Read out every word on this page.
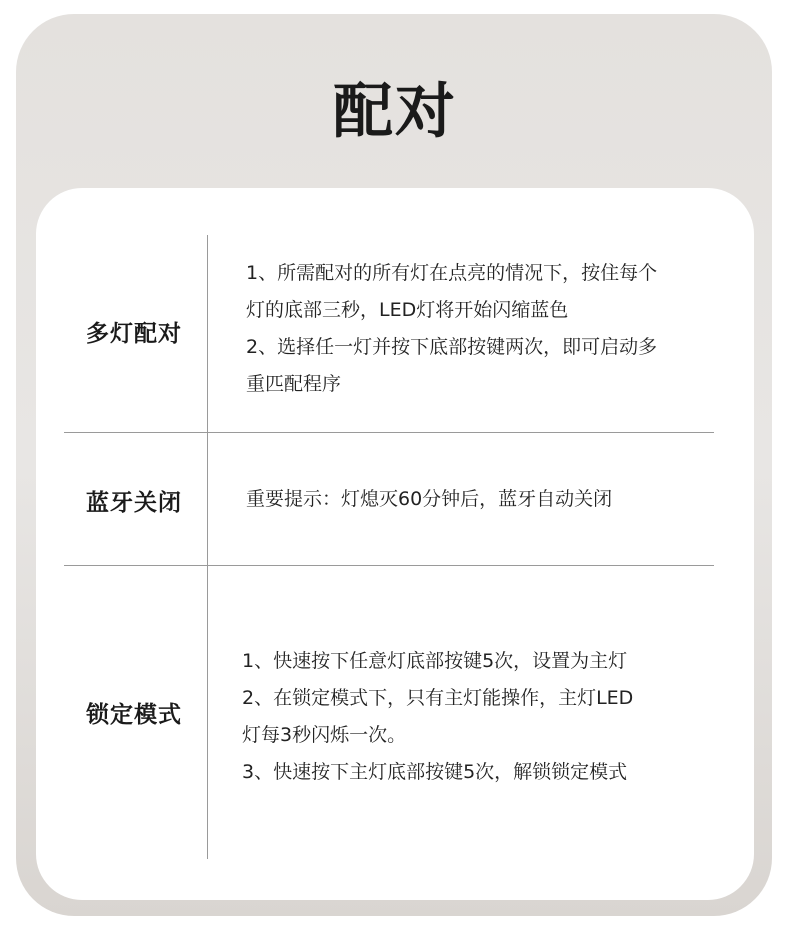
配对
多灯配对
1、所需配对的所有灯在点亮的情况下，按住每个
灯的底部三秒，LED灯将开始闪缩蓝色
2、选择任一灯并按下底部按键两次，即可启动多
重匹配程序
蓝牙关闭	重要提示：灯熄灭60分钟后，蓝牙自动关闭
锁定模式
1、快速按下任意灯底部按键5次，设置为主灯
2、在锁定模式下，只有主灯能操作，主灯LED
灯每3秒闪烁一次。
3、快速按下主灯底部按键5次，解锁锁定模式
